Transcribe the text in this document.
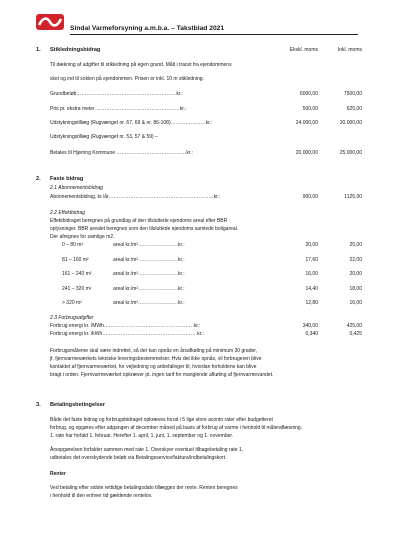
Sindal Varmeforsyning a.m.b.a. – Takstblad 2021
1. Stikledningsbidrag	Ekskl. moms	Inkl. moms
Til dækning af udgifter til stikledning på egen grund. Målt i tracet fra ejendommens
skel og ind til soklen på ejendommen. Prisen er inkl. 10 m stikledning.
Grundbeløb……………………………………………………kr.:	6000,00	7500,00
Pris pr. ekstra meter……………………………………………kr.:	500,00	625,00
Udstykningstillæg (Rugvænget nr. 67, 69 & nr. 86-108)…………………kr.:	24.000,00	30.000,00
Udstykningstillæg (Rugvænget nr. 53, 57 & 59) –
Betales til Hjørring Kommune ……………………………………kr.:	20.000,00	25.000,00
2. Faste bidrag
2.1 Abonnementsbidrag
Abonnementsbidrag, kr./år………………………………………………………kr.:	900,00	1125,00
2.2 Effektbidrag
Effektbidraget beregnes på grundlag af den tilsluttede ejendoms areal efter BBR
oplysninger. BBR arealet beregnes som den tilsluttede ejendoms samlede boligareal.
Der afregnes for samlige m2.
0 – 80 m²	areal kr./m²……………………kr.:	20,00	25,00
81 – 160 m²	areal kr./m²……………………kr.:	17,60	22,00
161 – 240 m²	areal kr./m²……………………kr.:	16,00	20,00
241 – 320 m²	areal kr./m²……………………kr.:	14,40	18,00
> 320 m²	areal kr./m²……………………kr.:	12,80	16,00
2.3 Forbrugsafgifter
Forbrug energi kr. /MWh………………………………………………kr.:	340,00	425,00
Forbrug energi kr. /kWh…………………………………………………kr.:	0,340	0,425
Forbrugsmålerne skal være indrettet, så der kan opnås en årsafkøling på minimum 30 grader,
jf. fjernvarmeværkets tekniske leveringsbestemmelser. Hvis det ikke opnås, vil forbrugeren blive
kontaktet af fjernvarmeværket, for vejledning og anbefalinger til, hvordan forholdene kan blive
bragt i orden. Fjernvarmeværket opkræver pt. ingen tarif for manglende afkøling af fjernvarmevandet.
3. Betalingsbetingelser
Både det faste bidrag og forbrugsbidraget opkræves forud i 5 lige store aconto rater efter budgetteret
forbrug, og opgøres efter udgangen af december måned på basis af forbrug af varme i henhold til måleraflæsning.
1. rate har forfald 1. februar. Herefter 1. april, 1. juni, 1. september og 1. november.
Årsopgørelsen forfalder sammen med rate 1. Overskyer eventuel tilbagebetaling rate 1,
udbetales det overskydende beløb via Betalingsservice/faktura/indbetalingskort.
Renter
Ved betaling efter sidste rettidige betalingsdato tillægges der rente. Renten beregnes
i henhold til den enhver tid gældende rentelov.
